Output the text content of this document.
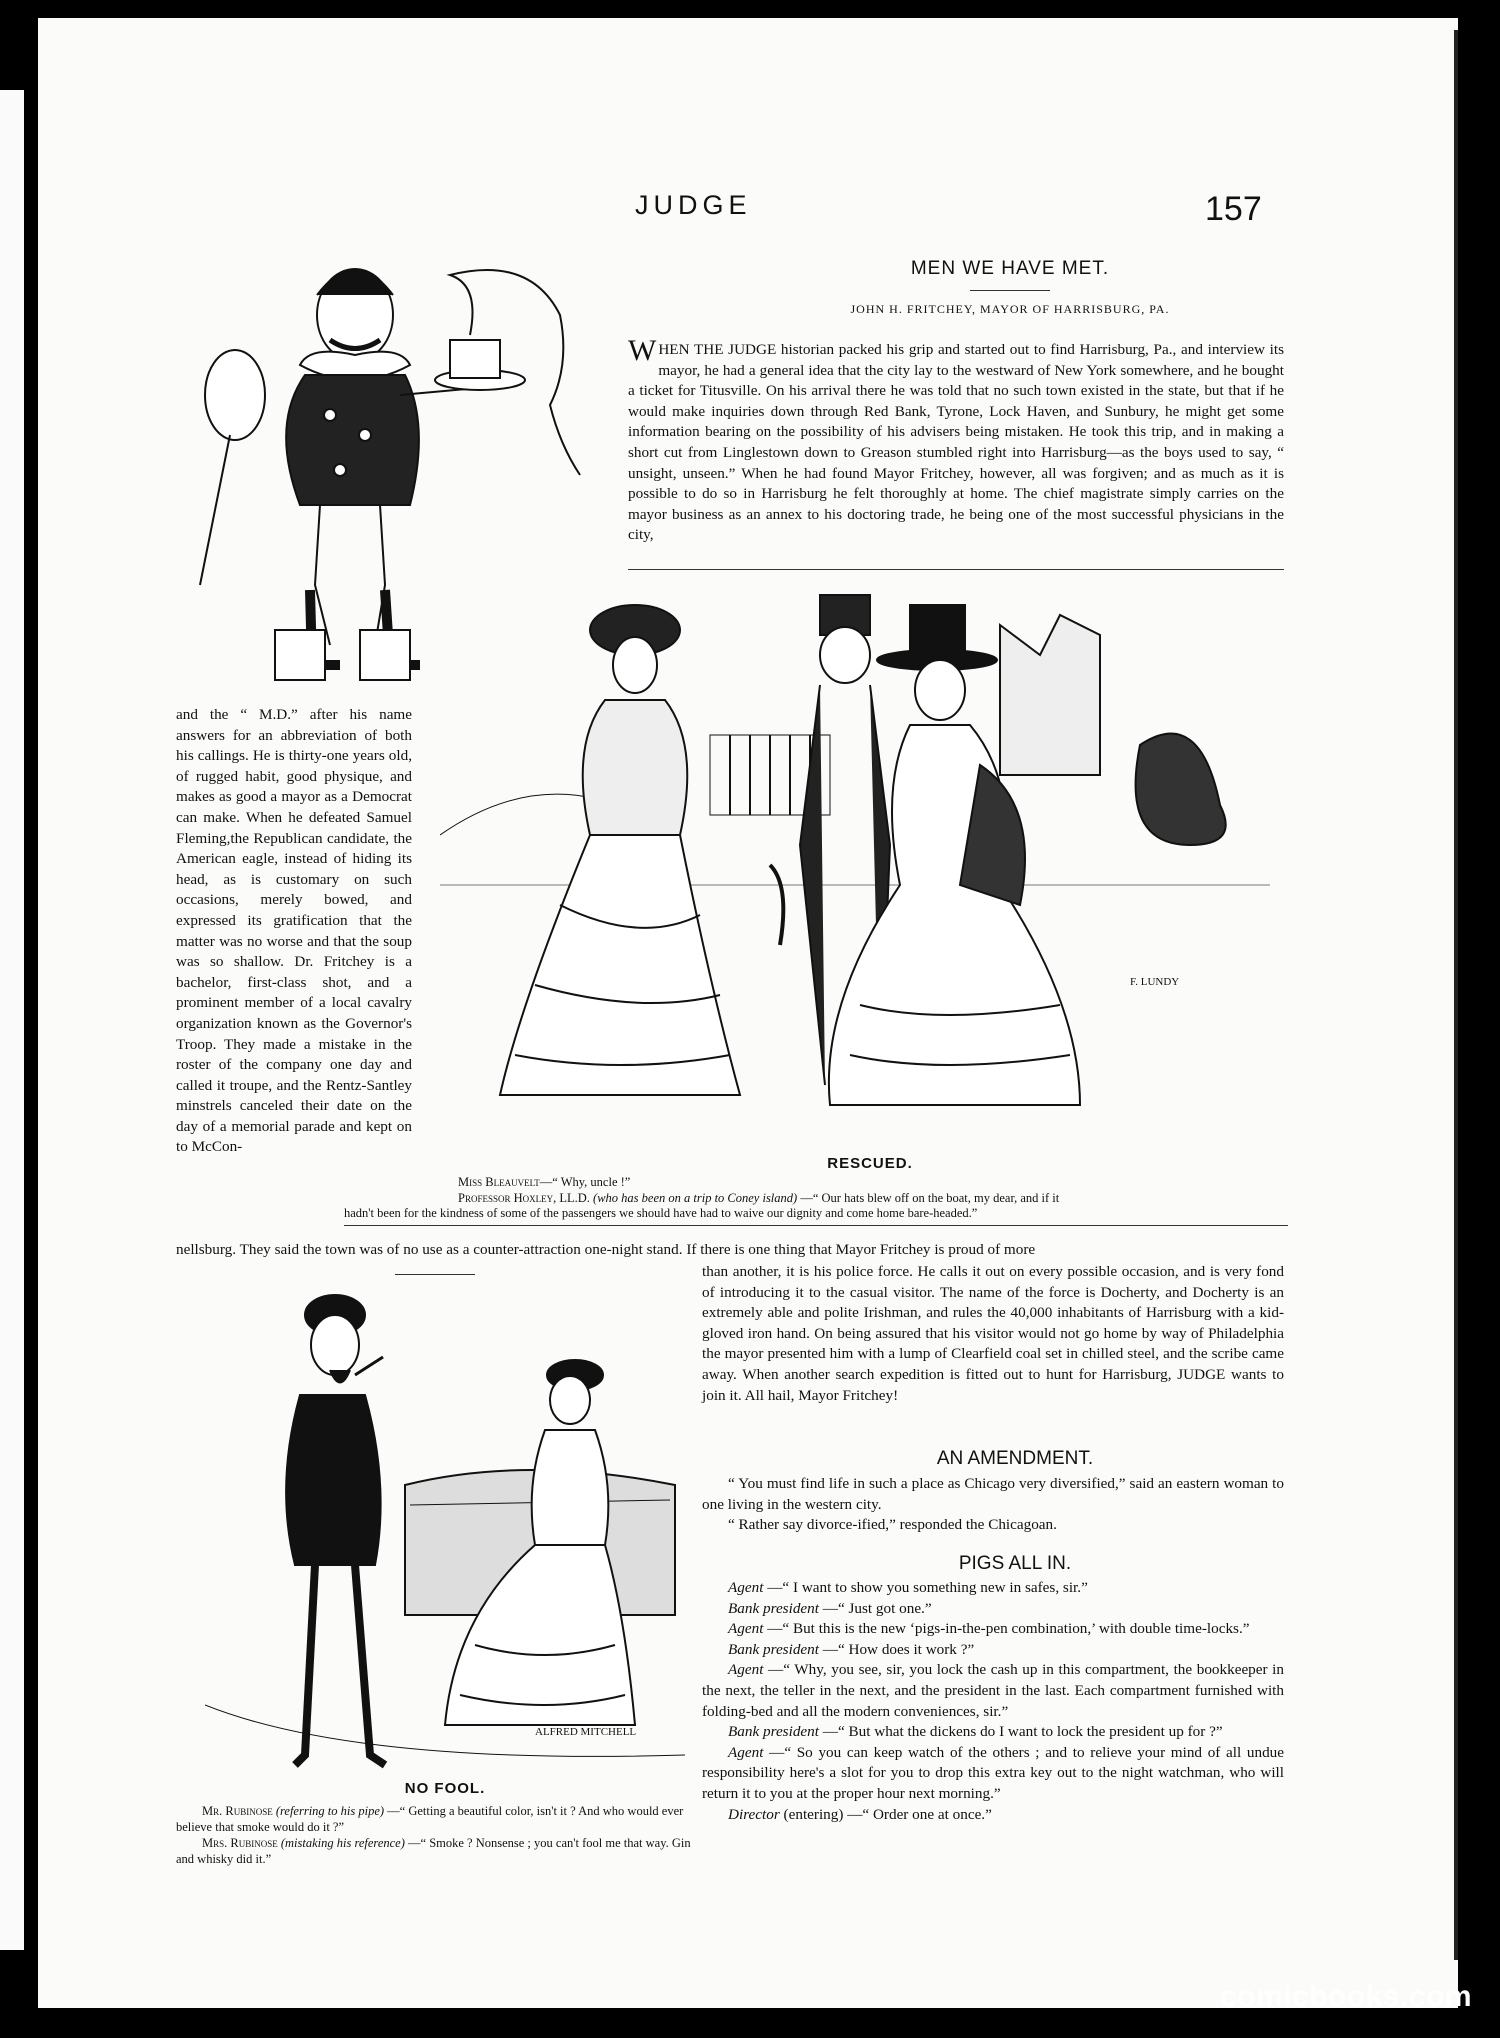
JUDGE	157
MEN WE HAVE MET.
JOHN H. FRITCHEY, MAYOR OF HARRISBURG, PA.
WHEN THE JUDGE historian packed his grip and started out to find Harrisburg, Pa., and interview its mayor, he had a general idea that the city lay to the westward of New York somewhere, and he bought a ticket for Titusville. On his arrival there he was told that no such town existed in the state, but that if he would make inquiries down through Red Bank, Tyrone, Lock Haven, and Sunbury, he might get some information bearing on the possibility of his advisers being mistaken. He took this trip, and in making a short cut from Linglestown down to Greason stumbled right into Harrisburg—as the boys used to say, “ unsight, unseen.” When he had found Mayor Fritchey, however, all was forgiven; and as much as it is possible to do so in Harrisburg he felt thoroughly at home. The chief magistrate simply carries on the mayor business as an annex to his doctoring trade, he being one of the most successful physicians in the city,
and the “ M.D.” after his name answers for an abbreviation of both his callings. He is thirty-one years old, of rugged habit, good physique, and makes as good a mayor as a Democrat can make. When he defeated Samuel Fleming,the Republican candidate, the American eagle, instead of hiding its head, as is customary on such occasions, merely bowed, and expressed its gratification that the matter was no worse and that the soup was so shallow. Dr. Fritchey is a bachelor, first-class shot, and a prominent member of a local cavalry organization known as the Governor's Troop. They made a mistake in the roster of the company one day and called it troupe, and the Rentz-Santley minstrels canceled their date on the day of a memorial parade and kept on to McCon-
F. LUNDY
RESCUED.
Miss Bleauvelt—“ Why, uncle !”
Professor Hoxley, LL.D. (who has been on a trip to Coney island) —“ Our hats blew off on the boat, my dear, and if it
hadn't been for the kindness of some of the passengers we should have had to waive our dignity and come home bare-headed.”
nellsburg. They said the town was of no use as a counter-attraction one-night stand. If there is one thing that Mayor Fritchey is proud of more
ALFRED MITCHELL
NO FOOL.

Mr. Rubinose (referring to his pipe) —“ Getting a beautiful color, isn't it ? And who would ever believe that smoke would do it ?”

Mrs. Rubinose (mistaking his reference) —“ Smoke ? Nonsense ; you can't fool me that way. Gin and whisky did it.”

than another, it is his police force. He calls it out on every possible occasion, and is very fond of introducing it to the casual visitor. The name of the force is Docherty, and Docherty is an extremely able and polite Irishman, and rules the 40,000 inhabitants of Harrisburg with a kid-gloved iron hand. On being assured that his visitor would not go home by way of Philadelphia the mayor presented him with a lump of Clearfield coal set in chilled steel, and the scribe came away. When another search expedition is fitted out to hunt for Harrisburg, JUDGE wants to join it. All hail, Mayor Fritchey!
AN AMENDMENT.

“ You must find life in such a place as Chicago very diversified,” said an eastern woman to one living in the western city.

“ Rather say divorce-ified,” responded the Chicagoan.

PIGS ALL IN.

Agent —“ I want to show you something new in safes, sir.”

Bank president —“ Just got one.”

Agent —“ But this is the new ‘pigs-in-the-pen combination,’ with double time-locks.”

Bank president —“ How does it work ?”

Agent —“ Why, you see, sir, you lock the cash up in this compartment, the bookkeeper in the next, the teller in the next, and the president in the last. Each compartment furnished with folding-bed and all the modern conveniences, sir.”

Bank president —“ But what the dickens do I want to lock the president up for ?”

Agent —“ So you can keep watch of the others ; and to relieve your mind of all undue responsibility here's a slot for you to drop this extra key out to the night watchman, who will return it to you at the proper hour next morning.”

Director (entering) —“ Order one at once.”

comicbooks.com
